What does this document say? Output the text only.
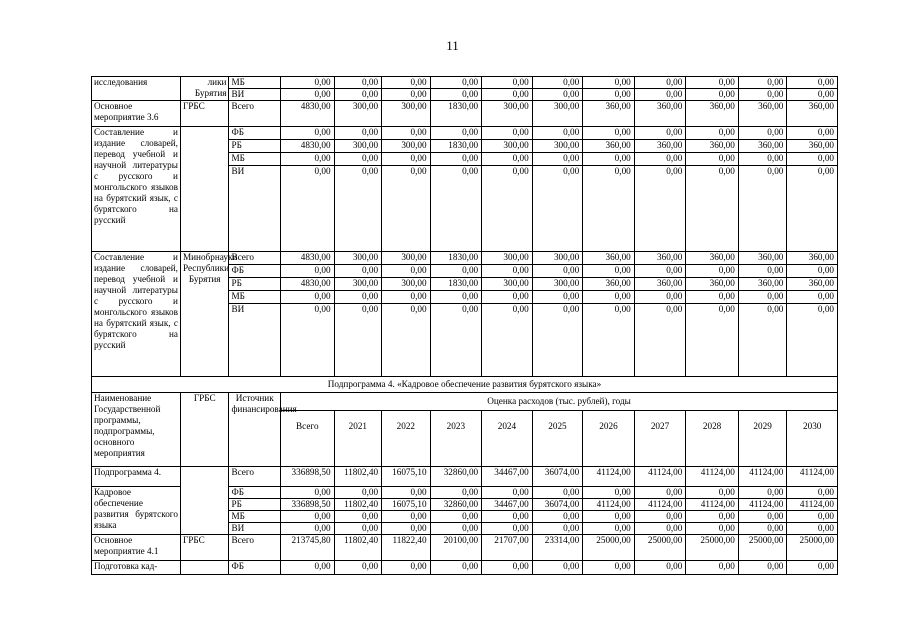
11
исследования	лики Бурятия	МБ	0,00	0,00	0,00	0,00	0,00	0,00	0,00	0,00	0,00	0,00	0,00
		ВИ	0,00	0,00	0,00	0,00	0,00	0,00	0,00	0,00	0,00	0,00	0,00
Основное мероприятие 3.6	ГРБС	Всего	4830,00	300,00	300,00	1830,00	300,00	300,00	360,00	360,00	360,00	360,00	360,00
Составление и издание словарей, перевод учебной и научной литературы с русского и монгольского языков на бурятский язык, с бурятского на русский		ФБ	0,00	0,00	0,00	0,00	0,00	0,00	0,00	0,00	0,00	0,00	0,00
		РБ	4830,00	300,00	300,00	1830,00	300,00	300,00	360,00	360,00	360,00	360,00	360,00
		МБ	0,00	0,00	0,00	0,00	0,00	0,00	0,00	0,00	0,00	0,00	0,00
		ВИ	0,00	0,00	0,00	0,00	0,00	0,00	0,00	0,00	0,00	0,00	0,00
Составление и издание словарей, перевод учебной и научной литературы с русского и монгольского языков на бурятский язык, с бурятского на русский	Минобрнауки Республики Бурятия	Всего	4830,00	300,00	300,00	1830,00	300,00	300,00	360,00	360,00	360,00	360,00	360,00
		ФБ	0,00	0,00	0,00	0,00	0,00	0,00	0,00	0,00	0,00	0,00	0,00
		РБ	4830,00	300,00	300,00	1830,00	300,00	300,00	360,00	360,00	360,00	360,00	360,00
		МБ	0,00	0,00	0,00	0,00	0,00	0,00	0,00	0,00	0,00	0,00	0,00
		ВИ	0,00	0,00	0,00	0,00	0,00	0,00	0,00	0,00	0,00	0,00	0,00
Подпрограмма 4. «Кадровое обеспечение развития бурятского языка»													
Наименование Государственной программы, подпрограммы, основного мероприятия	ГРБС	Источник финансирования	Оценка расходов (тыс. рублей), годы										
			Всего	2021	2022	2023	2024	2025	2026	2027	2028	2029	2030
Подпрограмма 4.		Всего	336898,50	11802,40	16075,10	32860,00	34467,00	36074,00	41124,00	41124,00	41124,00	41124,00	41124,00
Кадровое обеспечение развития бурятского языка		ФБ	0,00	0,00	0,00	0,00	0,00	0,00	0,00	0,00	0,00	0,00	0,00
		РБ	336898,50	11802,40	16075,10	32860,00	34467,00	36074,00	41124,00	41124,00	41124,00	41124,00	41124,00
		МБ	0,00	0,00	0,00	0,00	0,00	0,00	0,00	0,00	0,00	0,00	0,00
		ВИ	0,00	0,00	0,00	0,00	0,00	0,00	0,00	0,00	0,00	0,00	0,00
Основное мероприятие 4.1	ГРБС	Всего	213745,80	11802,40	11822,40	20100,00	21707,00	23314,00	25000,00	25000,00	25000,00	25000,00	25000,00
Подготовка кад-		ФБ	0,00	0,00	0,00	0,00	0,00	0,00	0,00	0,00	0,00	0,00	0,00
